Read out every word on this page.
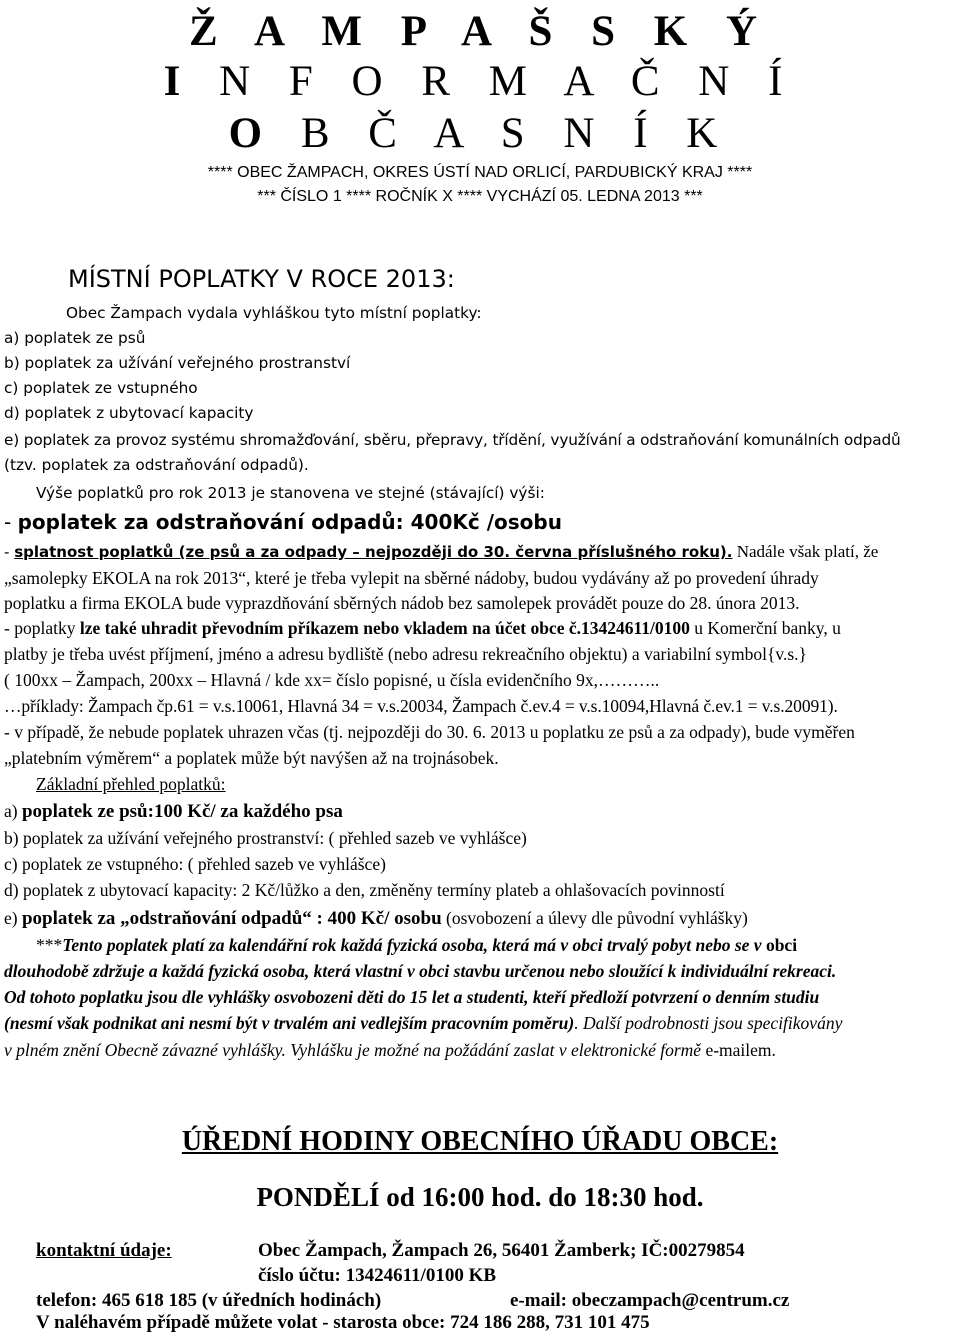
Ž A M P A Š S K Ý
I N F O R M A Č N Í
O B Č A S N Í K
**** OBEC ŽAMPACH, OKRES ÚSTÍ NAD ORLICÍ, PARDUBICKÝ KRAJ ****
*** ČÍSLO 1 **** ROČNÍK X **** VYCHÁZÍ 05. LEDNA 2013 ***
MÍSTNÍ POPLATKY V ROCE 2013:
Obec Žampach vydala vyhláškou tyto místní poplatky:
a) poplatek ze psů
b) poplatek za užívání veřejného prostranství
c) poplatek ze vstupného
d) poplatek z ubytovací kapacity
e) poplatek za provoz systému shromažďování, sběru, přepravy, třídění, využívání a odstraňování komunálních odpadů
(tzv. poplatek za odstraňování odpadů).
Výše poplatků pro rok 2013 je stanovena ve stejné (stávající) výši:
- poplatek za odstraňování odpadů: 400Kč /osobu
- splatnost poplatků (ze psů a za odpady – nejpozději do 30. června příslušného roku). Nadále však platí, že
„samolepky EKOLA na rok 2013“, které je třeba vylepit na sběrné nádoby, budou vydávány až po provedení úhrady
poplatku a firma EKOLA bude vyprazdňování sběrných nádob bez samolepek provádět pouze do 28. února 2013.
- poplatky lze také uhradit převodním příkazem nebo vkladem na účet obce č.13424611/0100 u Komerční banky, u
platby je třeba uvést příjmení, jméno a adresu bydliště (nebo adresu rekreačního objektu) a variabilní symbol{v.s.}
( 100xx – Žampach, 200xx – Hlavná / kde xx= číslo popisné, u čísla evidenčního 9x,………..
…příklady: Žampach čp.61 = v.s.10061, Hlavná 34 = v.s.20034, Žampach č.ev.4 = v.s.10094,Hlavná č.ev.1 = v.s.20091).
- v případě, že nebude poplatek uhrazen včas (tj. nejpozději do 30. 6. 2013 u poplatku ze psů a za odpady), bude vyměřen
„platebním výměrem“ a poplatek může být navýšen až na trojnásobek.
Základní přehled poplatků:
a) poplatek ze psů:100 Kč/ za každého psa
b) poplatek za užívání veřejného prostranství: ( přehled sazeb ve vyhlášce)
c) poplatek ze vstupného: ( přehled sazeb ve vyhlášce)
d) poplatek z ubytovací kapacity: 2 Kč/lůžko a den, změněny termíny plateb a ohlašovacích povinností
e) poplatek za „odstraňování odpadů“ : 400 Kč/ osobu (osvobození a úlevy dle původní vyhlášky)
***Tento poplatek platí za kalendářní rok každá fyzická osoba, která má v obci trvalý pobyt nebo se v obci
dlouhodobě zdržuje a každá fyzická osoba, která vlastní v obci stavbu určenou nebo sloužící k individuální rekreaci.
Od tohoto poplatku jsou dle vyhlášky osvobozeni děti do 15 let a studenti, kteří předloží potvrzení o denním studiu
(nesmí však podnikat ani nesmí být v trvalém ani vedlejším pracovním poměru). Další podrobnosti jsou specifikovány
v plném znění Obecně závazné vyhlášky. Vyhlášku je možné na požádání zaslat v elektronické formě e-mailem.
ÚŘEDNÍ HODINY OBECNÍHO ÚŘADU OBCE:
PONDĚLÍ od 16:00 hod. do 18:30 hod.
kontaktní údaje:	Obec Žampach, Žampach 26, 56401 Žamberk; IČ:00279854
číslo účtu: 13424611/0100 KB
telefon: 465 618 185 (v úředních hodinách)	e-mail: obeczampach@centrum.cz
V naléhavém případě můžete volat - starosta obce: 724 186 288, 731 101 475
